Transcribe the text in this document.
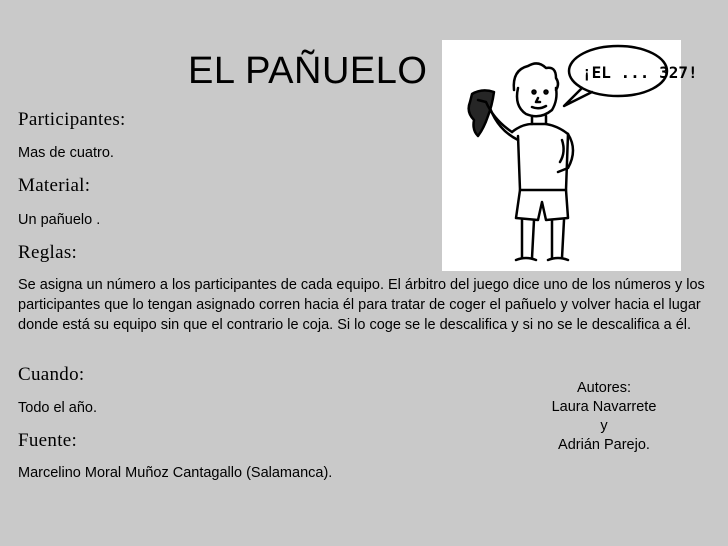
EL PAÑUELO	¡EL ... 327!
Participantes:
Mas de cuatro.
Material:
Un pañuelo .
Reglas:
Se asigna un número a los participantes de cada equipo. El árbitro del juego dice uno de los números y los participantes que lo tengan asignado corren hacia él para tratar de coger el pañuelo y volver hacia el lugar donde está su equipo sin que el contrario le coja. Si lo coge se le descalifica y si no se le descalifica a él.
Cuando:
Todo el año.
Fuente:
Marcelino Moral Muñoz Cantagallo (Salamanca).
Autores:
Laura Navarrete
y
Adrián Parejo.
